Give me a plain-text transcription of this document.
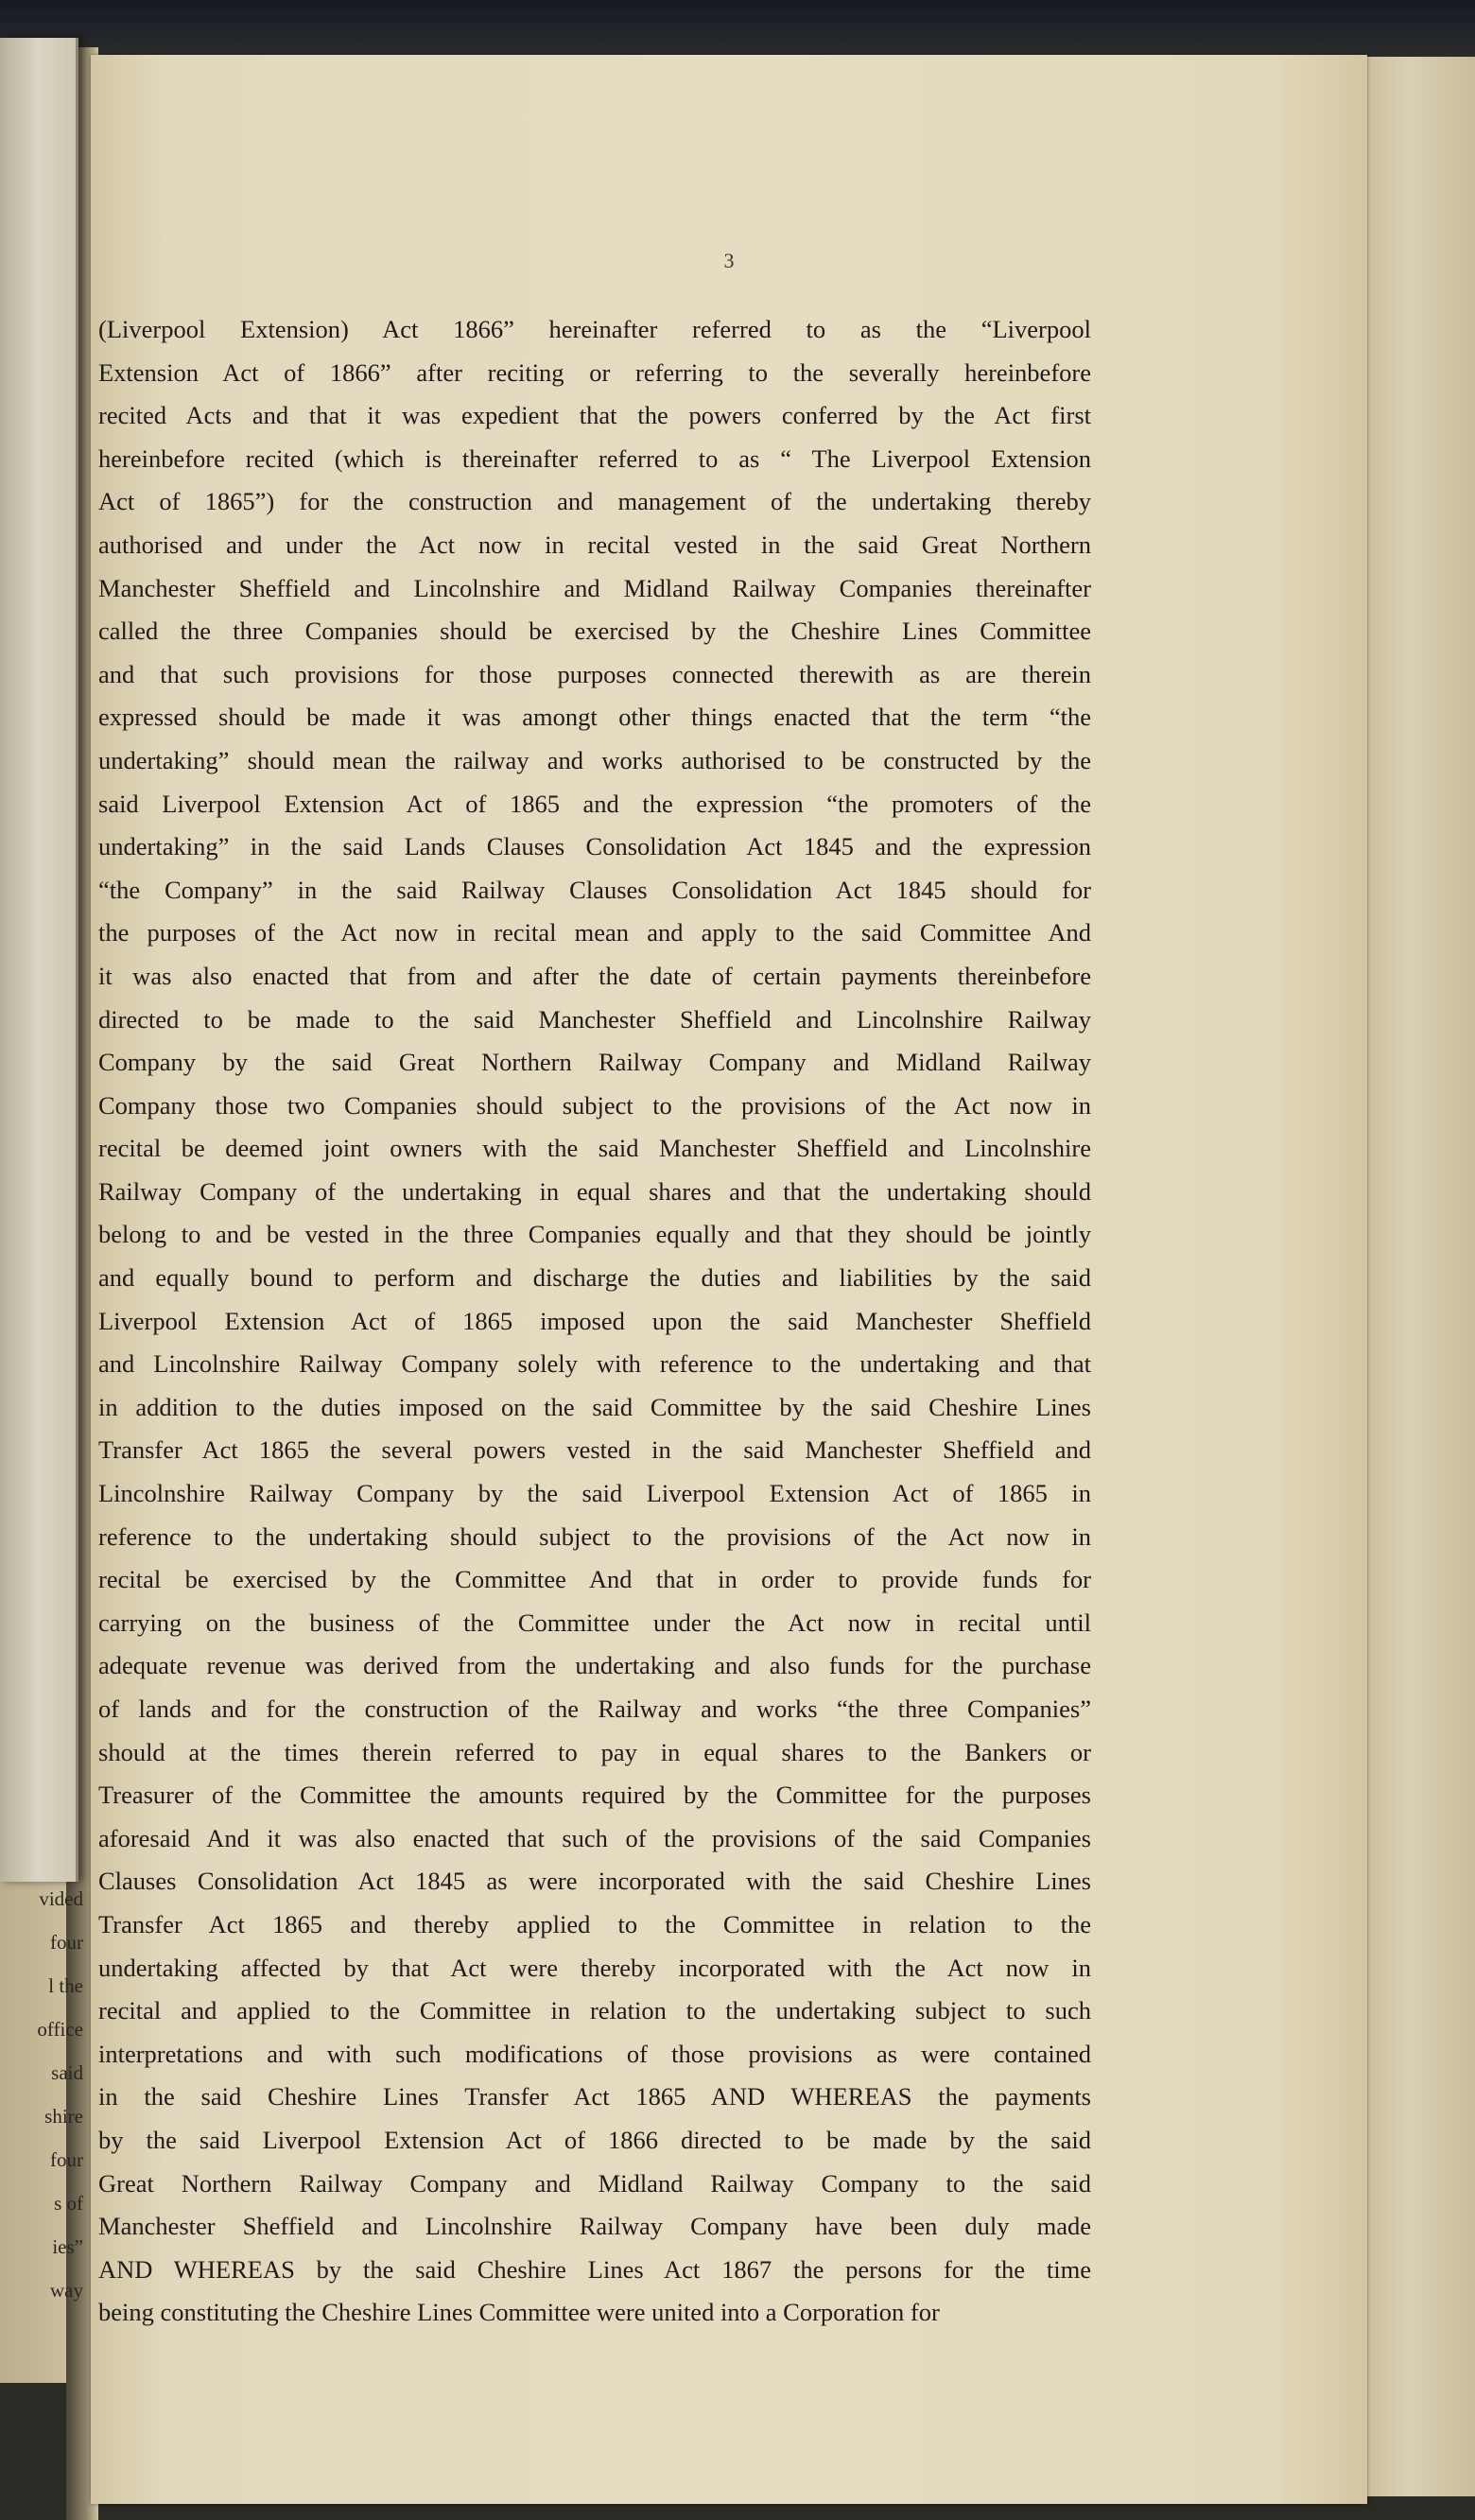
3
(Liverpool Extension) Act 1866” hereinafter referred to as the “Liverpool
Extension Act of 1866” after reciting or referring to the severally hereinbefore
recited Acts and that it was expedient that the powers conferred by the Act first
hereinbefore recited (which is thereinafter referred to as “ The Liverpool Extension
Act of 1865”) for the construction and management of the undertaking thereby
authorised and under the Act now in recital vested in the said Great Northern
Manchester Sheffield and Lincolnshire and Midland Railway Companies thereinafter
called the three Companies should be exercised by the Cheshire Lines Committee
and that such provisions for those purposes connected therewith as are therein
expressed should be made it was amongt other things enacted that the term “the
undertaking” should mean the railway and works authorised to be constructed by the
said Liverpool Extension Act of 1865 and the expression “the promoters of the
undertaking” in the said Lands Clauses Consolidation Act 1845 and the expression
“the Company” in the said Railway Clauses Consolidation Act 1845 should for
the purposes of the Act now in recital mean and apply to the said Committee And
it was also enacted that from and after the date of certain payments thereinbefore
directed to be made to the said Manchester Sheffield and Lincolnshire Railway
Company by the said Great Northern Railway Company and Midland Railway
Company those two Companies should subject to the provisions of the Act now in
recital be deemed joint owners with the said Manchester Sheffield and Lincolnshire
Railway Company of the undertaking in equal shares and that the undertaking should
belong to and be vested in the three Companies equally and that they should be jointly
and equally bound to perform and discharge the duties and liabilities by the said
Liverpool Extension Act of 1865 imposed upon the said Manchester Sheffield
and Lincolnshire Railway Company solely with reference to the undertaking and that
in addition to the duties imposed on the said Committee by the said Cheshire Lines
Transfer Act 1865 the several powers vested in the said Manchester Sheffield and
Lincolnshire Railway Company by the said Liverpool Extension Act of 1865 in
reference to the undertaking should subject to the provisions of the Act now in
recital be exercised by the Committee And that in order to provide funds for
carrying on the business of the Committee under the Act now in recital until
adequate revenue was derived from the undertaking and also funds for the purchase
of lands and for the construction of the Railway and works “the three Companies”
should at the times therein referred to pay in equal shares to the Bankers or
Treasurer of the Committee the amounts required by the Committee for the purposes
aforesaid And it was also enacted that such of the provisions of the said Companies
Clauses Consolidation Act 1845 as were incorporated with the said Cheshire Lines
Transfer Act 1865 and thereby applied to the Committee in relation to the
undertaking affected by that Act were thereby incorporated with the Act now in
recital and applied to the Committee in relation to the undertaking subject to such
interpretations and with such modifications of those provisions as were contained
in the said Cheshire Lines Transfer Act 1865 AND WHEREAS the payments
by the said Liverpool Extension Act of 1866 directed to be made by the said
Great Northern Railway Company and Midland Railway Company to the said
Manchester Sheffield and Lincolnshire Railway Company have been duly made
AND WHEREAS by the said Cheshire Lines Act 1867 the persons for the time
being constituting the Cheshire Lines Committee were united into a Corporation for
vided
four
l the
office
said
shire
four
s of
ies”
way
